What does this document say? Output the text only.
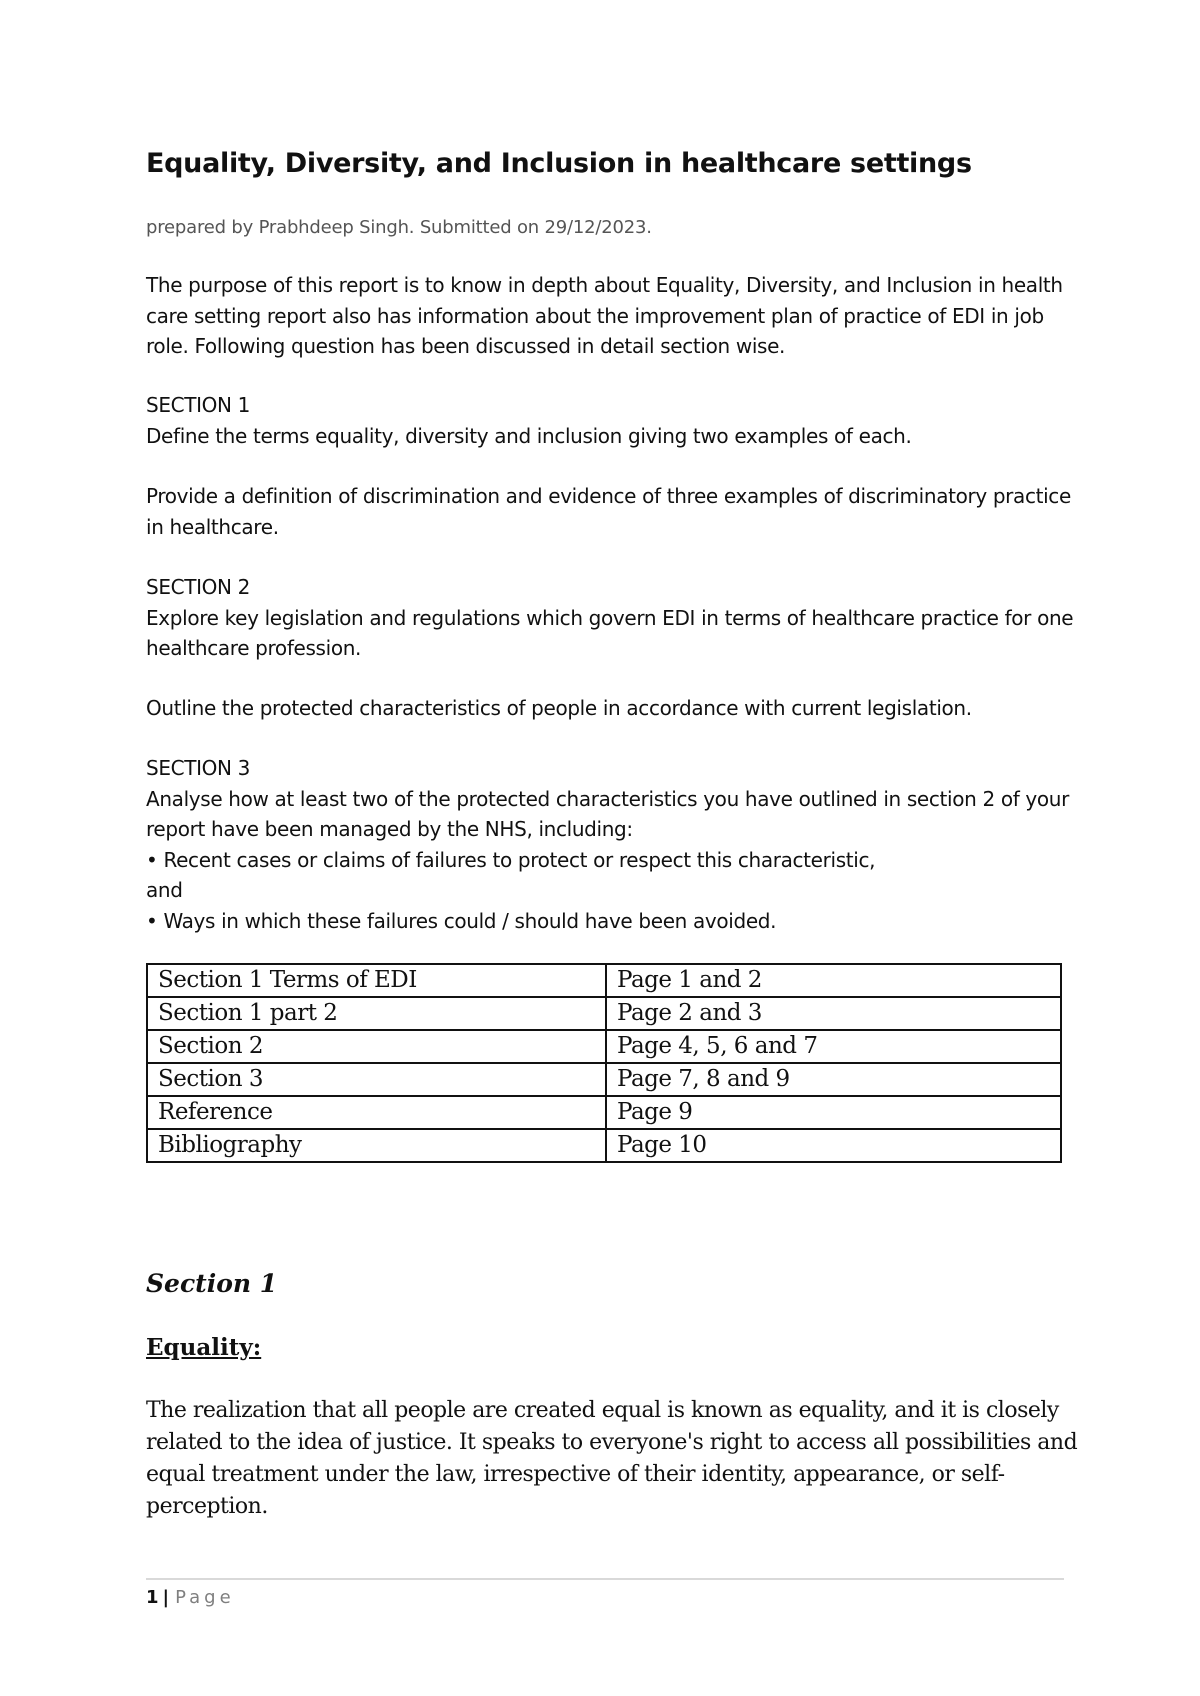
Equality, Diversity, and Inclusion in healthcare settings

prepared by Prabhdeep Singh. Submitted on 29/12/2023.

The purpose of this report is to know in depth about Equality, Diversity, and Inclusion in health care setting report also has information about the improvement plan of practice of EDI in job role. Following question has been discussed in detail section wise.

SECTION 1
Define the terms equality, diversity and inclusion giving two examples of each.
Provide a definition of discrimination and evidence of three examples of discriminatory practice in healthcare.
SECTION 2
Explore key legislation and regulations which govern EDI in terms of healthcare practice for one healthcare profession.
Outline the protected characteristics of people in accordance with current legislation.
SECTION 3
Analyse how at least two of the protected characteristics you have outlined in section 2 of your report have been managed by the NHS, including:
• Recent cases or claims of failures to protect or respect this characteristic,
and
• Ways in which these failures could / should have been avoided.
Section 1 Terms of EDI	Page 1 and 2
Section 1 part 2	Page 2 and 3
Section 2	Page 4, 5, 6 and 7
Section 3	Page 7, 8 and 9
Reference	Page 9
Bibliography	Page 10
Section 1
Equality:

The realization that all people are created equal is known as equality, and it is closely related to the idea of justice. It speaks to everyone's right to access all possibilities and equal treatment under the law, irrespective of their identity, appearance, or self-perception.

1 | Page
